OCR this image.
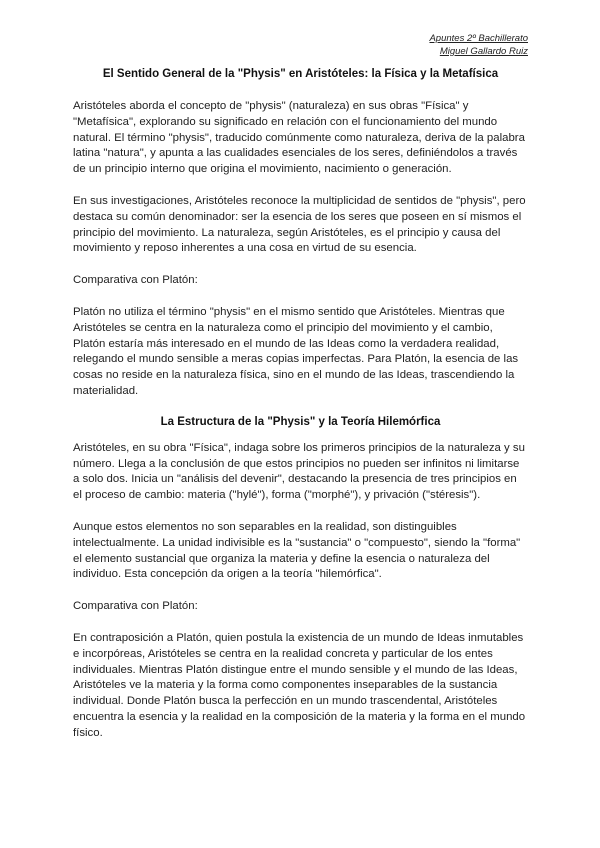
Apuntes 2º Bachillerato
Miguel Gallardo Ruiz
El Sentido General de la "Physis" en Aristóteles: la Física y la Metafísica

Aristóteles aborda el concepto de "physis" (naturaleza) en sus obras "Física" y "Metafísica", explorando su significado en relación con el funcionamiento del mundo natural. El término "physis", traducido comúnmente como naturaleza, deriva de la palabra latina "natura", y apunta a las cualidades esenciales de los seres, definiéndolos a través de un principio interno que origina el movimiento, nacimiento o generación.

En sus investigaciones, Aristóteles reconoce la multiplicidad de sentidos de "physis", pero destaca su común denominador: ser la esencia de los seres que poseen en sí mismos el principio del movimiento. La naturaleza, según Aristóteles, es el principio y causa del movimiento y reposo inherentes a una cosa en virtud de su esencia.

Comparativa con Platón:

Platón no utiliza el término "physis" en el mismo sentido que Aristóteles. Mientras que Aristóteles se centra en la naturaleza como el principio del movimiento y el cambio, Platón estaría más interesado en el mundo de las Ideas como la verdadera realidad, relegando el mundo sensible a meras copias imperfectas. Para Platón, la esencia de las cosas no reside en la naturaleza física, sino en el mundo de las Ideas, trascendiendo la materialidad.

La Estructura de la "Physis" y la Teoría Hilemórfica

Aristóteles, en su obra "Física", indaga sobre los primeros principios de la naturaleza y su número. Llega a la conclusión de que estos principios no pueden ser infinitos ni limitarse a solo dos. Inicia un "análisis del devenir", destacando la presencia de tres principios en el proceso de cambio: materia ("hylé"), forma ("morphé"), y privación ("stéresis").

Aunque estos elementos no son separables en la realidad, son distinguibles intelectualmente. La unidad indivisible es la "sustancia" o "compuesto", siendo la "forma" el elemento sustancial que organiza la materia y define la esencia o naturaleza del individuo. Esta concepción da origen a la teoría "hilemórfica".

Comparativa con Platón:

En contraposición a Platón, quien postula la existencia de un mundo de Ideas inmutables e incorpóreas, Aristóteles se centra en la realidad concreta y particular de los entes individuales. Mientras Platón distingue entre el mundo sensible y el mundo de las Ideas, Aristóteles ve la materia y la forma como componentes inseparables de la sustancia individual. Donde Platón busca la perfección en un mundo trascendental, Aristóteles encuentra la esencia y la realidad en la composición de la materia y la forma en el mundo físico.
